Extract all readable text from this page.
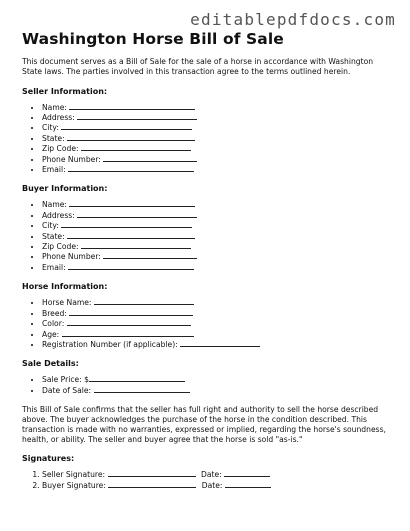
editablepdfdocs.com
Washington Horse Bill of Sale

This document serves as a Bill of Sale for the sale of a horse in accordance with Washington State laws. The parties involved in this transaction agree to the terms outlined herein.

Seller Information:
• Name:
• Address:
• City:
• State:
• Zip Code:
• Phone Number:
• Email:
Buyer Information:
• Name:
• Address:
• City:
• State:
• Zip Code:
• Phone Number:
• Email:
Horse Information:
• Horse Name:
• Breed:
• Color:
• Age:
• Registration Number (if applicable):
Sale Details:
• Sale Price: $
• Date of Sale:

This Bill of Sale confirms that the seller has full right and authority to sell the horse described above. The buyer acknowledges the purchase of the horse in the condition described. This transaction is made with no warranties, expressed or implied, regarding the horse's soundness, health, or ability. The seller and buyer agree that the horse is sold "as-is."

Signatures:
1. Seller Signature:	Date:
2. Buyer Signature:	Date:
